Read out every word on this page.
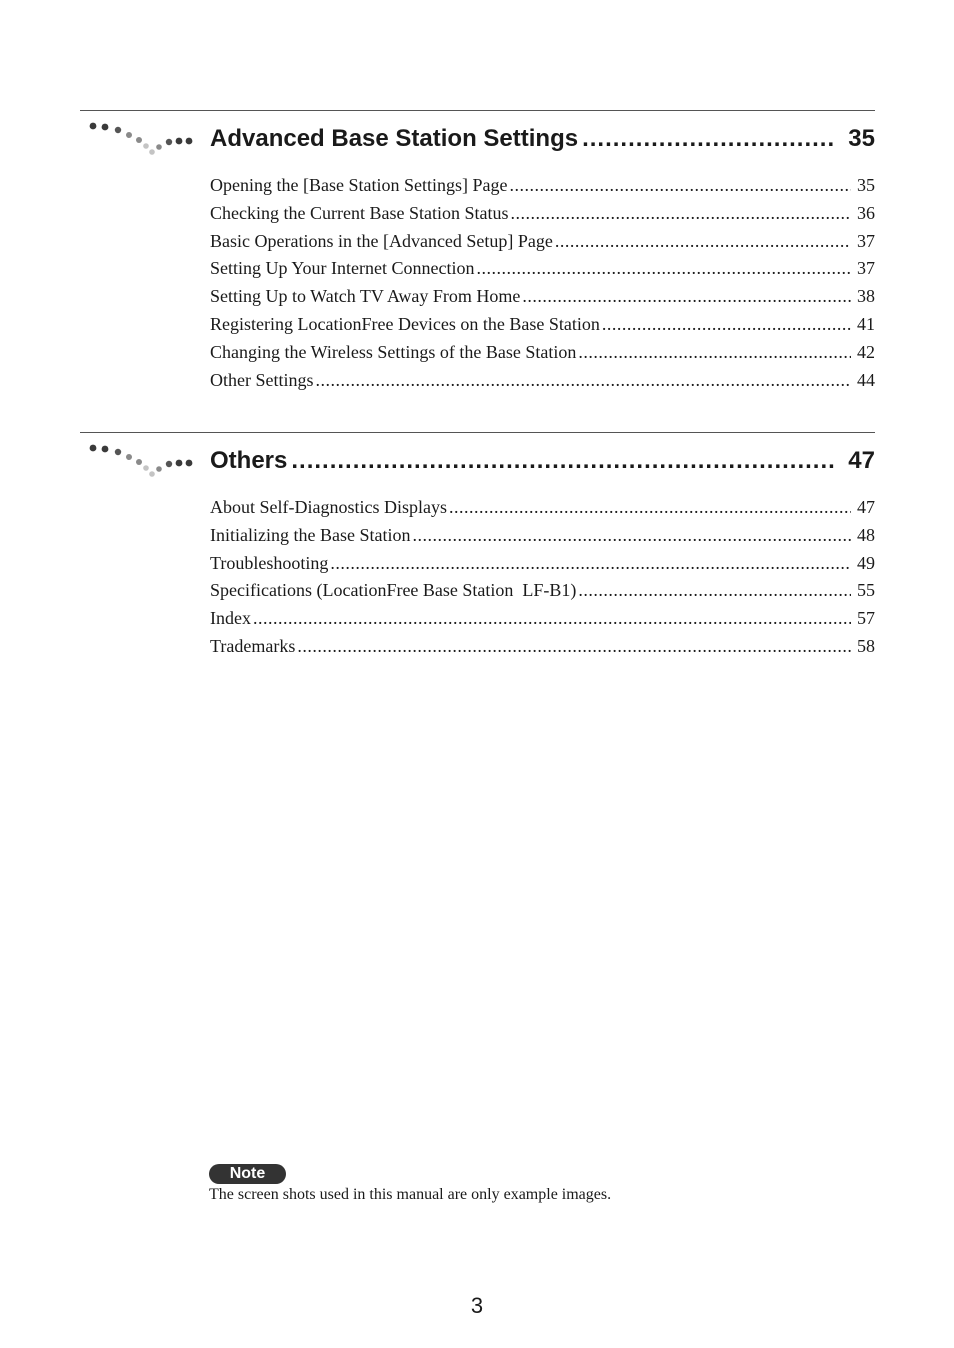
Advanced Base Station Settings .....	35
Opening the [Base Station Settings] Page .....	35
Checking the Current Base Station Status .....	36
Basic Operations in the [Advanced Setup] Page .....	37
Setting Up Your Internet Connection .....	37
Setting Up to Watch TV Away From Home .....	38
Registering LocationFree Devices on the Base Station .....	41
Changing the Wireless Settings of the Base Station .....	42
Other Settings .....	44
Others .....	47
About Self-Diagnostics Displays .....	47
Initializing the Base Station .....	48
Troubleshooting .....	49
Specifications (LocationFree Base Station  LF-B1) .....	55
Index .....	57
Trademarks .....	58
Note
The screen shots used in this manual are only example images.
3
